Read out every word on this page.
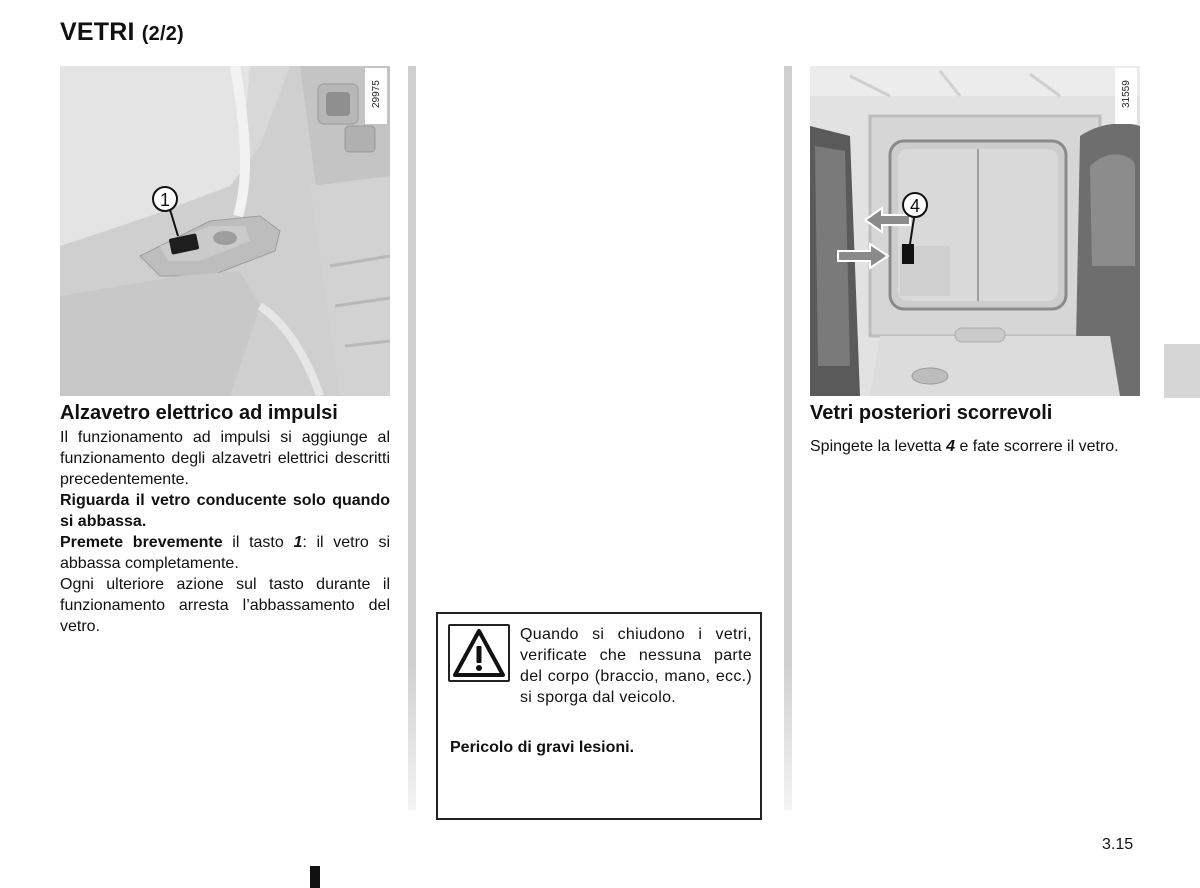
VETRI (2/2)
1
29975
Alzavetro elettrico ad impulsi

Il funzionamento ad impulsi si aggiunge al funzionamento degli alzavetri elettrici descritti precedentemente.

Riguarda il vetro conducente solo quando si abbassa.

Premete brevemente il tasto 1: il vetro si abbassa completamente.

Ogni ulteriore azione sul tasto durante il funzionamento arresta l’abbassamento del vetro.	Quando si chiudono i vetri, verificate che nessuna parte del corpo (braccio, mano, ecc.) si sporga dal veicolo.
Pericolo di gravi lesioni.
4
31559
Vetri posteriori scorrevoli
Spingete la levetta 4 e fate scorrere il vetro.
3.15
